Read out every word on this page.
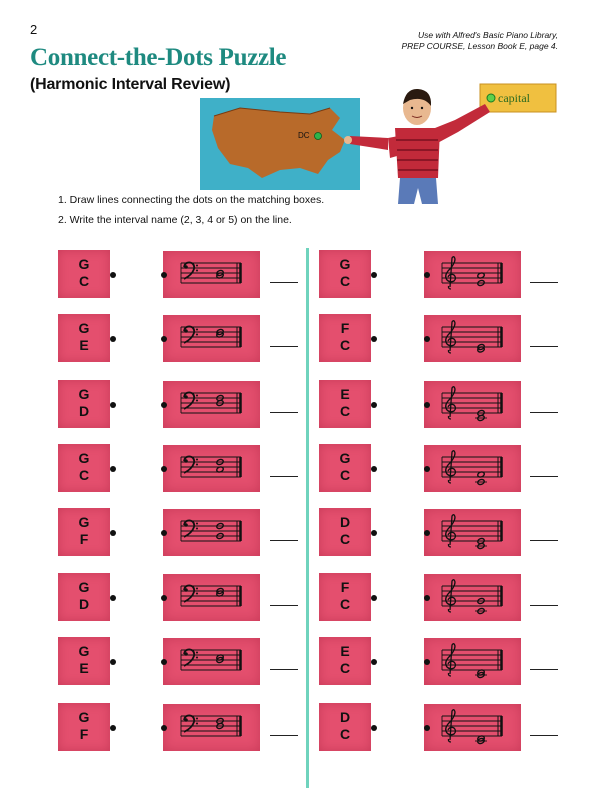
2	Use with Alfred's Basic Piano Library,
PREP COURSE, Lesson Book E, page 4.
Connect-the-Dots Puzzle
(Harmonic Interval Review)
DC
capital
1. Draw lines connecting the dots on the matching boxes.
2. Write the interval name (2, 3, 4 or 5) on the line.
G
C
G
E
G
D
G
C
G
F
G
D
G
E
G
F
G
C
F
C
E
C
G
C
D
C
F
C
E
C
D
C
